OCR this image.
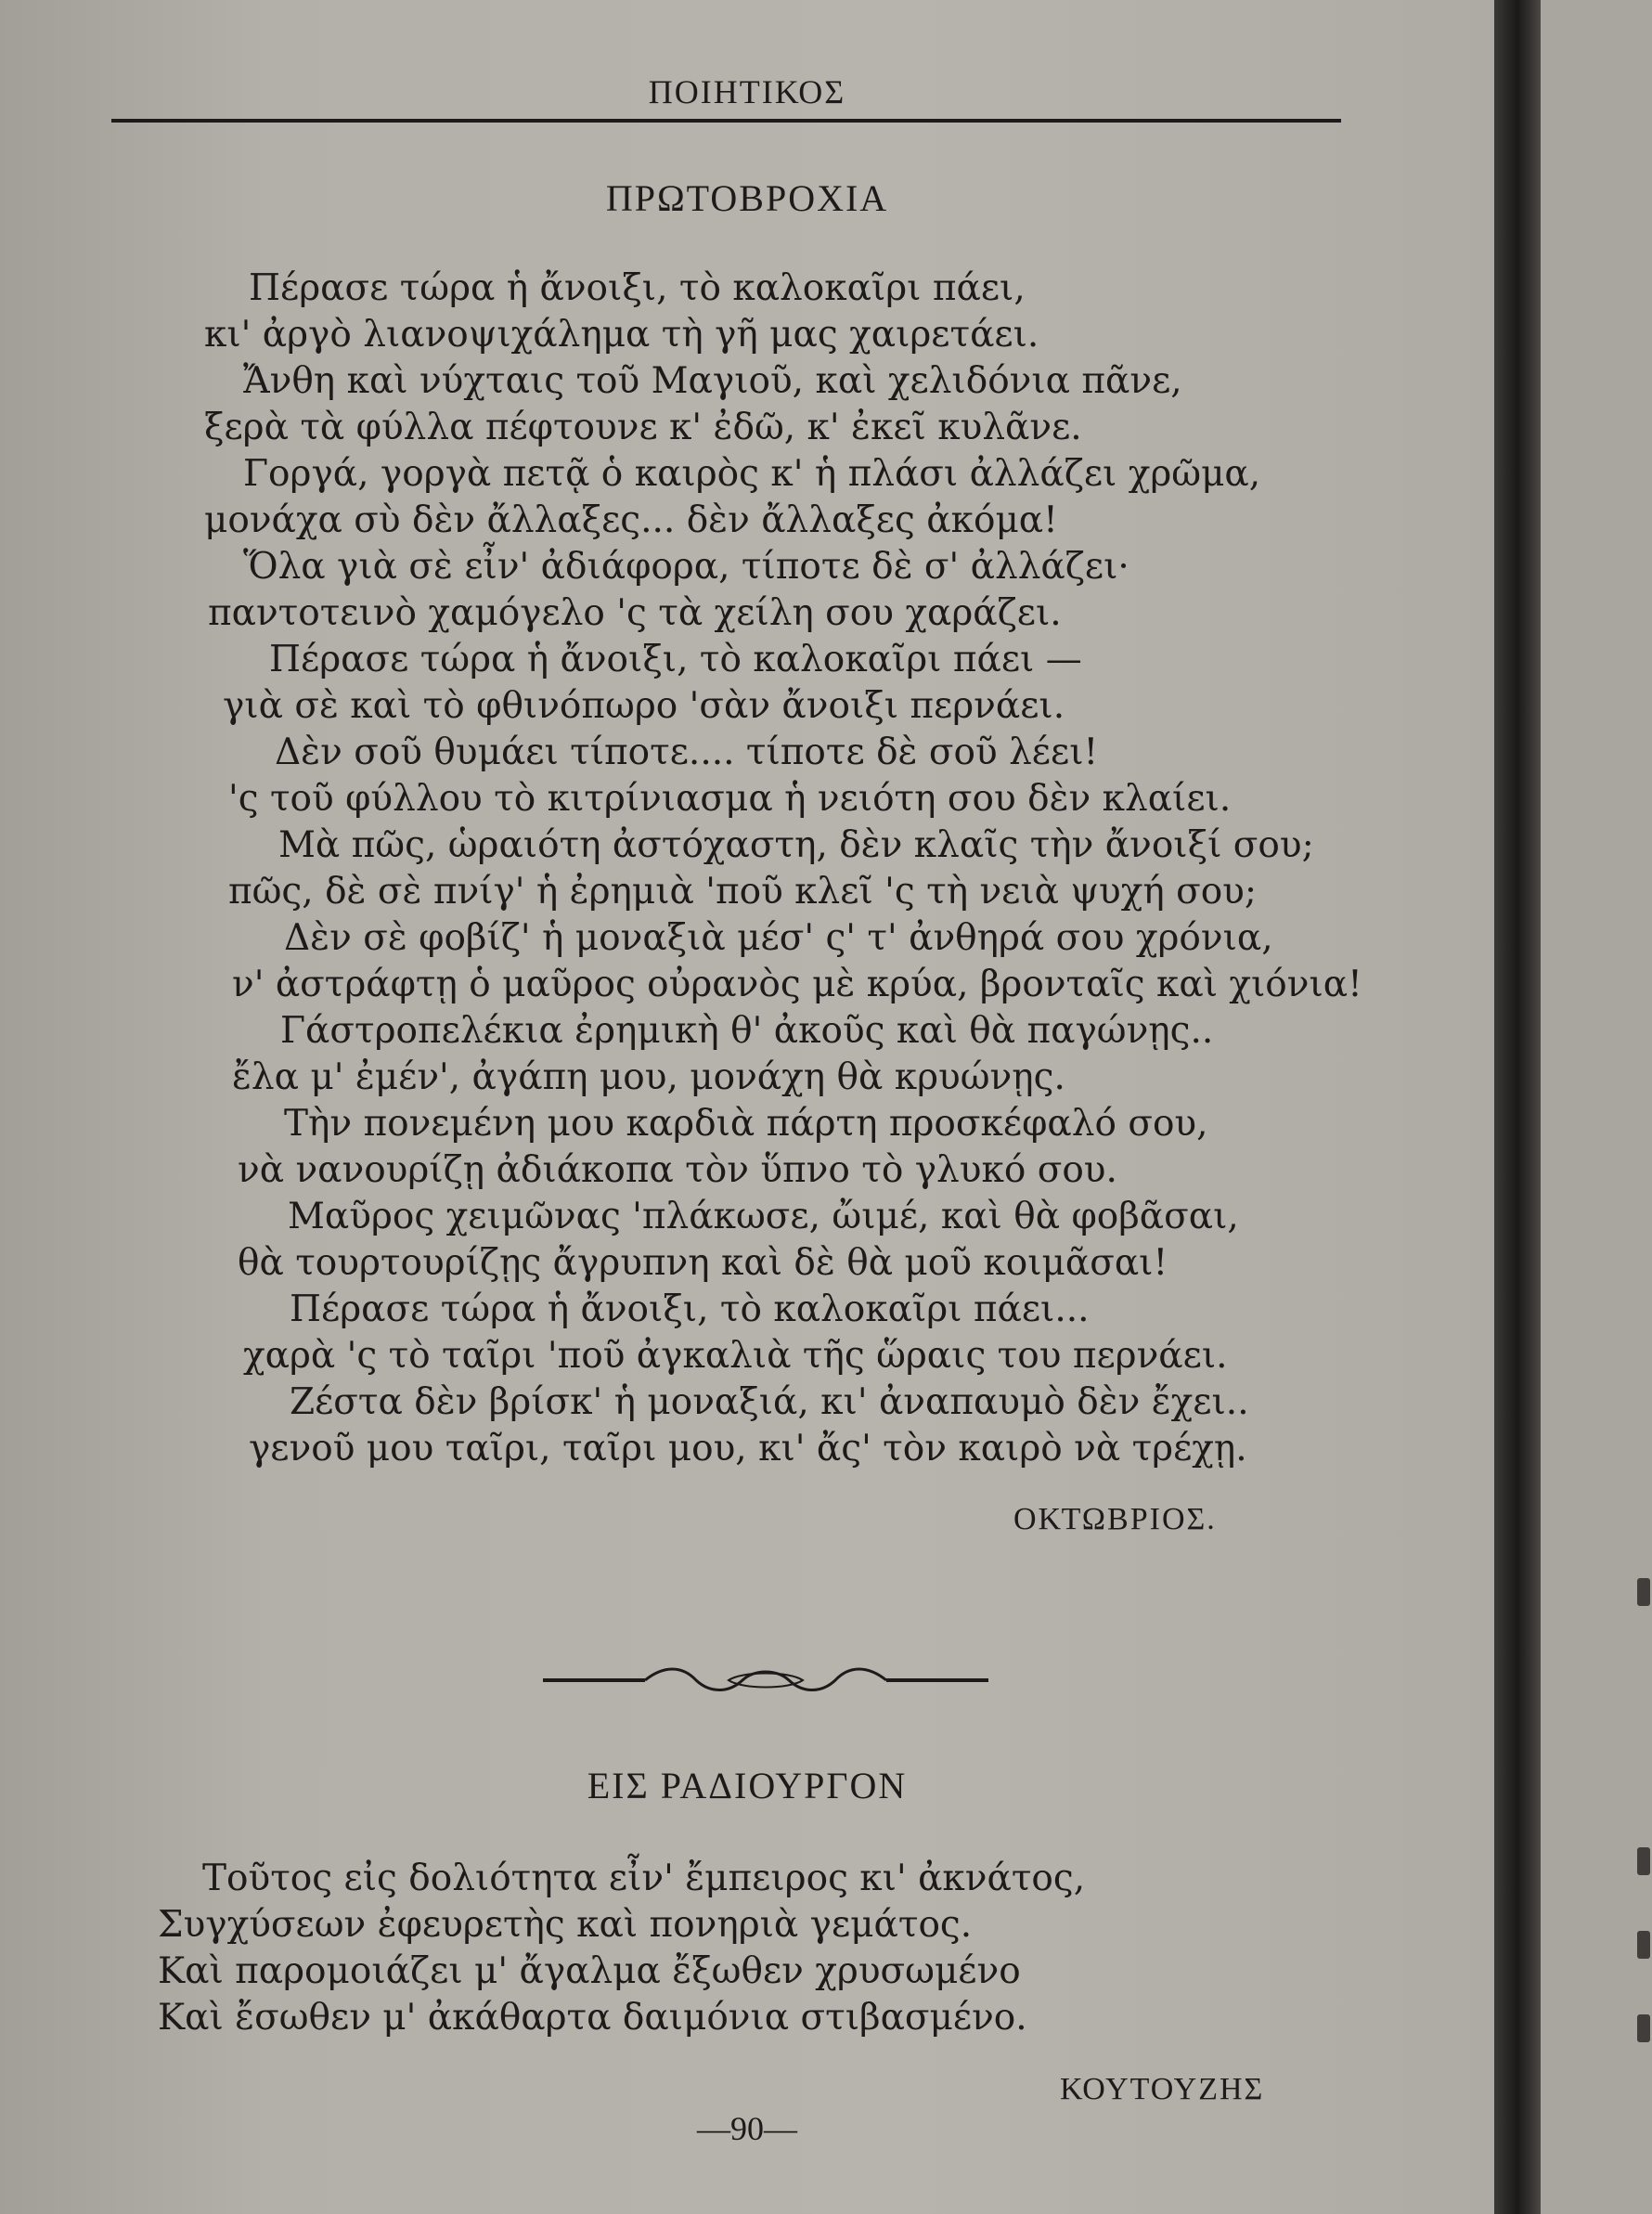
ΠΟΙΗΤΙΚΟΣ
ΠΡΩΤΟΒΡΟΧΙΑ
Πέρασε τώρα ἡ ἄνοιξι, τὸ καλοκαῖρι πάει,
κι' ἀργὸ λιανοψιχάλημα τὴ γῆ μας χαιρετάει.
Ἄνθη καὶ νύχταις τοῦ Μαγιοῦ, καὶ χελιδόνια πᾶνε,
ξερὰ τὰ φύλλα πέφτουνε κ' ἐδῶ, κ' ἐκεῖ κυλᾶνε.
Γοργά, γοργὰ πετᾷ ὁ καιρὸς κ' ἡ πλάσι ἀλλάζει χρῶμα,
μονάχα σὺ δὲν ἄλλαξες... δὲν ἄλλαξες ἀκόμα!
Ὅλα γιὰ σὲ εἶν' ἀδιάφορα, τίποτε δὲ σ' ἀλλάζει·
παντοτεινὸ χαμόγελο 'ς τὰ χείλη σου χαράζει.
Πέρασε τώρα ἡ ἄνοιξι, τὸ καλοκαῖρι πάει —
γιὰ σὲ καὶ τὸ φθινόπωρο 'σὰν ἄνοιξι περνάει.
Δὲν σοῦ θυμάει τίποτε.... τίποτε δὲ σοῦ λέει!
'ς τοῦ φύλλου τὸ κιτρίνιασμα ἡ νειότη σου δὲν κλαίει.
Μὰ πῶς, ὡραιότη ἀστόχαστη, δὲν κλαῖς τὴν ἄνοιξί σου;
πῶς, δὲ σὲ πνίγ' ἡ ἐρημιὰ 'ποῦ κλεῖ 'ς τὴ νειὰ ψυχή σου;
Δὲν σὲ φοβίζ' ἡ μοναξιὰ μέσ' ς' τ' ἀνθηρά σου χρόνια,
ν' ἀστράφτῃ ὁ μαῦρος οὐρανὸς μὲ κρύα, βρονταῖς καὶ χιόνια!
Γάστροπελέκια ἐρημικὴ θ' ἀκοῦς καὶ θὰ παγώνῃς..
ἔλα μ' ἐμέν', ἀγάπη μου, μονάχη θὰ κρυώνῃς.
Τὴν πονεμένη μου καρδιὰ πάρτη προσκέφαλό σου,
νὰ νανουρίζῃ ἀδιάκοπα τὸν ὕπνο τὸ γλυκό σου.
Μαῦρος χειμῶνας 'πλάκωσε, ὤιμέ, καὶ θὰ φοβᾶσαι,
θὰ τουρτουρίζῃς ἄγρυπνη καὶ δὲ θὰ μοῦ κοιμᾶσαι!
Πέρασε τώρα ἡ ἄνοιξι, τὸ καλοκαῖρι πάει...
χαρὰ 'ς τὸ ταῖρι 'ποῦ ἀγκαλιὰ τῆς ὥραις του περνάει.
Ζέστα δὲν βρίσκ' ἡ μοναξιά, κι' ἀναπαυμὸ δὲν ἔχει..
γενοῦ μου ταῖρι, ταῖρι μου, κι' ἄς' τὸν καιρὸ νὰ τρέχῃ.
ΟΚΤΩΒΡΙΟΣ.
ΕΙΣ ΡΑΔΙΟΥΡΓΟΝ
Τοῦτος εἰς δολιότητα εἶν' ἔμπειρος κι' ἀκνάτος,
Συγχύσεων ἐφευρετὴς καὶ πονηριὰ γεμάτος.
Καὶ παρομοιάζει μ' ἄγαλμα ἔξωθεν χρυσωμένο
Καὶ ἔσωθεν μ' ἀκάθαρτα δαιμόνια στιβασμένο.
ΚΟΥΤΟΥΖΗΣ
—90—
